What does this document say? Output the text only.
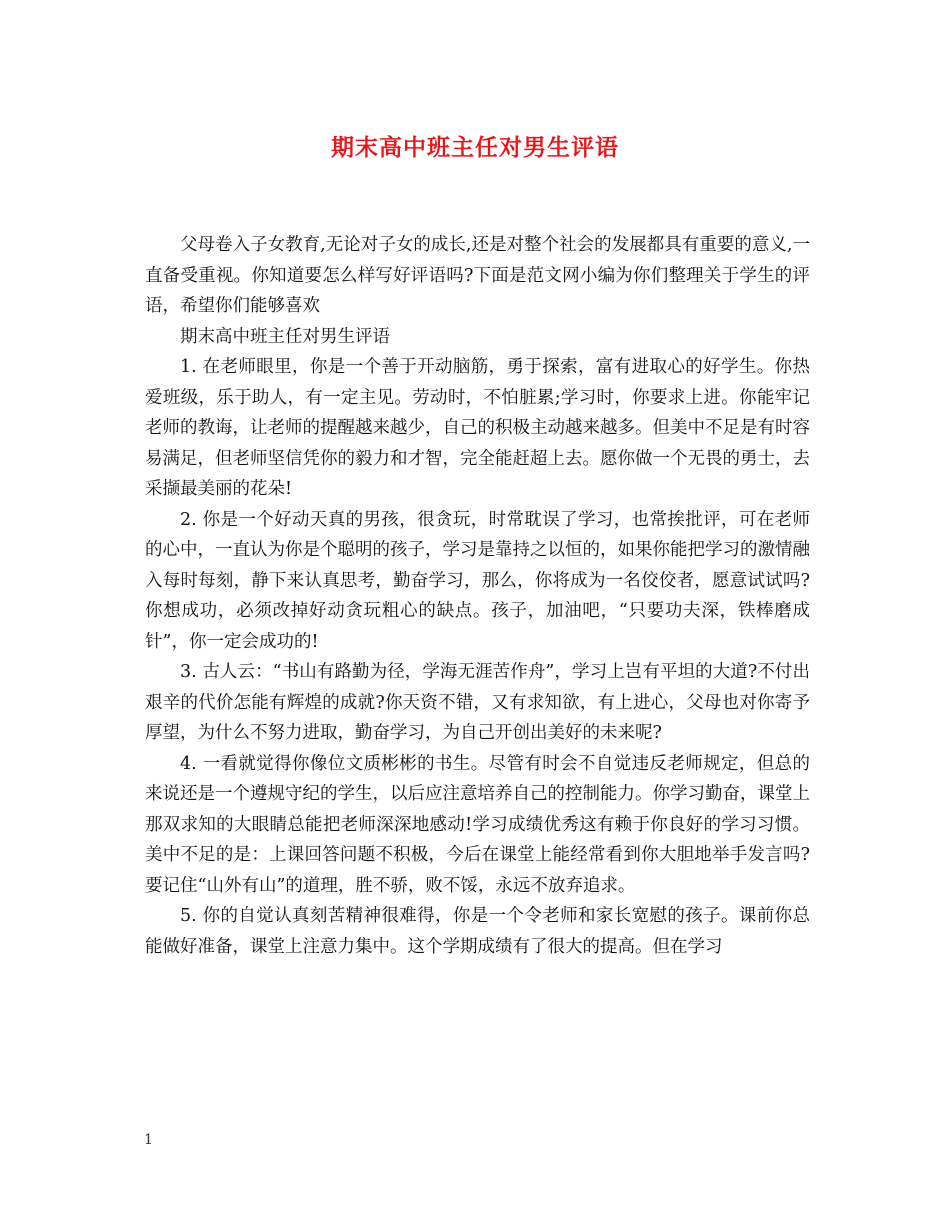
期末高中班主任对男生评语

父母卷入子女教育,无论对子女的成长,还是对整个社会的发展都具有重要的意义,一直备受重视。你知道要怎么样写好评语吗?下面是范文网小编为你们整理关于学生的评语，希望你们能够喜欢

期末高中班主任对男生评语

1. 在老师眼里，你是一个善于开动脑筋，勇于探索，富有进取心的好学生。你热爱班级，乐于助人，有一定主见。劳动时，不怕脏累;学习时，你要求上进。你能牢记老师的教诲，让老师的提醒越来越少，自己的积极主动越来越多。但美中不足是有时容易满足，但老师坚信凭你的毅力和才智，完全能赶超上去。愿你做一个无畏的勇士，去采撷最美丽的花朵!

2. 你是一个好动天真的男孩，很贪玩，时常耽误了学习，也常挨批评，可在老师的心中，一直认为你是个聪明的孩子，学习是靠持之以恒的，如果你能把学习的激情融入每时每刻，静下来认真思考，勤奋学习，那么，你将成为一名佼佼者，愿意试试吗?你想成功，必须改掉好动贪玩粗心的缺点。孩子，加油吧，“只要功夫深，铁棒磨成针”，你一定会成功的!

3. 古人云：“书山有路勤为径，学海无涯苦作舟”，学习上岂有平坦的大道?不付出艰辛的代价怎能有辉煌的成就?你天资不错，又有求知欲，有上进心，父母也对你寄予厚望，为什么不努力进取，勤奋学习，为自己开创出美好的未来呢?

4. 一看就觉得你像位文质彬彬的书生。尽管有时会不自觉违反老师规定，但总的来说还是一个遵规守纪的学生，以后应注意培养自己的控制能力。你学习勤奋，课堂上那双求知的大眼睛总能把老师深深地感动!学习成绩优秀这有赖于你良好的学习习惯。美中不足的是：上课回答问题不积极，今后在课堂上能经常看到你大胆地举手发言吗?要记住“山外有山”的道理，胜不骄，败不馁，永远不放弃追求。

5. 你的自觉认真刻苦精神很难得，你是一个令老师和家长宽慰的孩子。课前你总能做好准备，课堂上注意力集中。这个学期成绩有了很大的提高。但在学习

1
